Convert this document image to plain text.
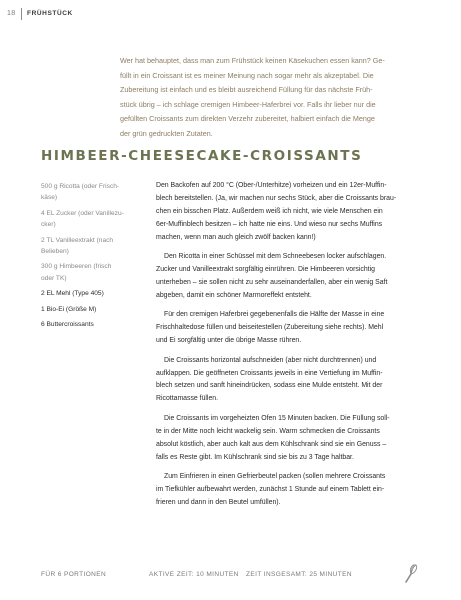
18 FRÜHSTÜCK
Wer hat behauptet, dass man zum Frühstück keinen Käsekuchen essen kann? Ge-
füllt in ein Croissant ist es meiner Meinung nach sogar mehr als akzeptabel. Die
Zubereitung ist einfach und es bleibt ausreichend Füllung für das nächste Früh-
stück übrig – ich schlage cremigen Himbeer-Haferbrei vor. Falls ihr lieber nur die
gefüllten Croissants zum direkten Verzehr zubereitet, halbiert einfach die Menge
der grün gedruckten Zutaten.
HIMBEER-CHEESECAKE-CROISSANTS
500 g Ricotta (oder Frisch-
käse)
4 EL Zucker (oder Vanillezu-
cker)
2 TL Vanilleextrakt (nach
Belieben)
300 g Himbeeren (frisch
oder TK)
2 EL Mehl (Type 405)
1 Bio-Ei (Größe M)
6 Buttercroissants
Den Backofen auf 200 °C (Ober-/Unterhitze) vorheizen und ein 12er-Muffin-
blech bereitstellen. (Ja, wir machen nur sechs Stück, aber die Croissants brau-
chen ein bisschen Platz. Außerdem weiß ich nicht, wie viele Menschen ein
6er-Muffinblech besitzen – ich hatte nie eins. Und wieso nur sechs Muffins
machen, wenn man auch gleich zwölf backen kann!)
Den Ricotta in einer Schüssel mit dem Schneebesen locker aufschlagen.
Zucker und Vanilleextrakt sorgfältig einrühren. Die Himbeeren vorsichtig
unterheben – sie sollen nicht zu sehr auseinanderfallen, aber ein wenig Saft
abgeben, damit ein schöner Marmoreffekt entsteht.
Für den cremigen Haferbrei gegebenenfalls die Hälfte der Masse in eine
Frischhaltedose füllen und beiseitestellen (Zubereitung siehe rechts). Mehl
und Ei sorgfältig unter die übrige Masse rühren.
Die Croissants horizontal aufschneiden (aber nicht durchtrennen) und
aufklappen. Die geöffneten Croissants jeweils in eine Vertiefung im Muffin-
blech setzen und sanft hineindrücken, sodass eine Mulde entsteht. Mit der
Ricottamasse füllen.
Die Croissants im vorgeheizten Ofen 15 Minuten backen. Die Füllung soll-
te in der Mitte noch leicht wackelig sein. Warm schmecken die Croissants
absolut köstlich, aber auch kalt aus dem Kühlschrank sind sie ein Genuss –
falls es Reste gibt. Im Kühlschrank sind sie bis zu 3 Tage haltbar.
Zum Einfrieren in einen Gefrierbeutel packen (sollen mehrere Croissants
im Tiefkühler aufbewahrt werden, zunächst 1 Stunde auf einem Tablett ein-
frieren und dann in den Beutel umfüllen).
FÜR 6 PORTIONEN	AKTIVE ZEIT: 10 MINUTEN ZEIT INSGESAMT: 25 MINUTEN
